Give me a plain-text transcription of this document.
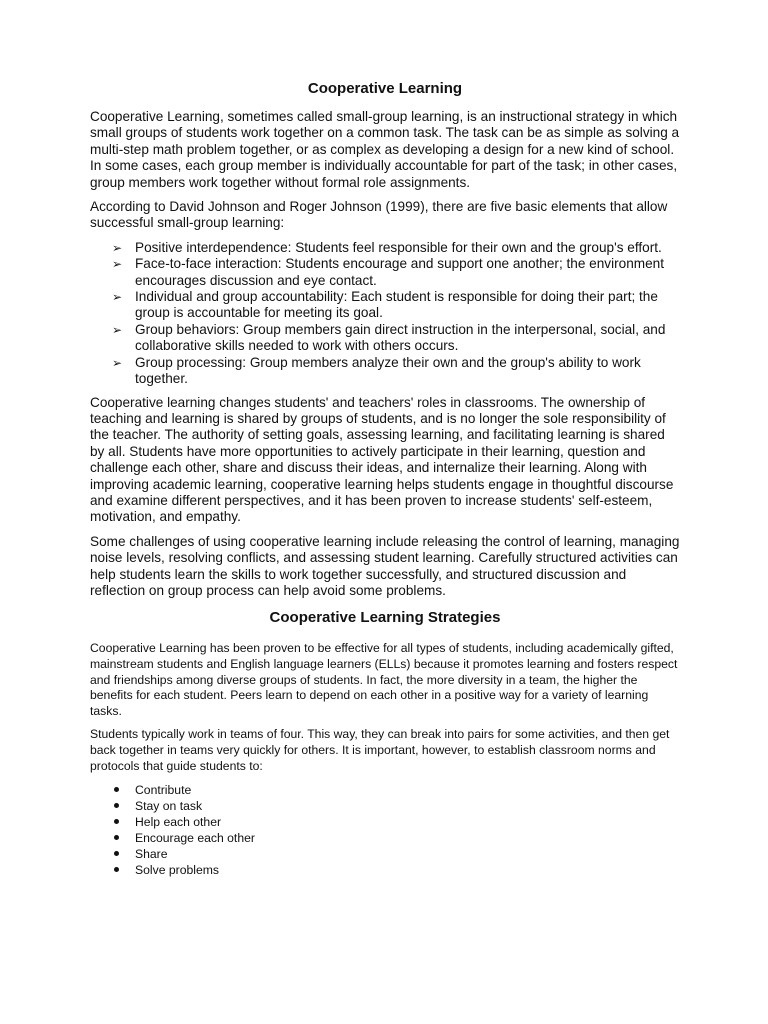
Cooperative Learning

Cooperative Learning, sometimes called small-group learning, is an instructional strategy in which small groups of students work together on a common task. The task can be as simple as solving a multi-step math problem together, or as complex as developing a design for a new kind of school. In some cases, each group member is individually accountable for part of the task; in other cases, group members work together without formal role assignments.

According to David Johnson and Roger Johnson (1999), there are five basic elements that allow successful small-group learning:

➢ Positive interdependence: Students feel responsible for their own and the group's effort.
➢ Face-to-face interaction: Students encourage and support one another; the environment encourages discussion and eye contact.
➢ Individual and group accountability: Each student is responsible for doing their part; the group is accountable for meeting its goal.
➢ Group behaviors: Group members gain direct instruction in the interpersonal, social, and collaborative skills needed to work with others occurs.
➢ Group processing: Group members analyze their own and the group's ability to work together.

Cooperative learning changes students' and teachers' roles in classrooms. The ownership of teaching and learning is shared by groups of students, and is no longer the sole responsibility of the teacher. The authority of setting goals, assessing learning, and facilitating learning is shared by all. Students have more opportunities to actively participate in their learning, question and challenge each other, share and discuss their ideas, and internalize their learning. Along with improving academic learning, cooperative learning helps students engage in thoughtful discourse and examine different perspectives, and it has been proven to increase students' self-esteem, motivation, and empathy.

Some challenges of using cooperative learning include releasing the control of learning, managing noise levels, resolving conflicts, and assessing student learning. Carefully structured activities can help students learn the skills to work together successfully, and structured discussion and reflection on group process can help avoid some problems.

Cooperative Learning Strategies

Cooperative Learning has been proven to be effective for all types of students, including academically gifted, mainstream students and English language learners (ELLs) because it promotes learning and fosters respect and friendships among diverse groups of students. In fact, the more diversity in a team, the higher the benefits for each student. Peers learn to depend on each other in a positive way for a variety of learning tasks.

Students typically work in teams of four. This way, they can break into pairs for some activities, and then get back together in teams very quickly for others. It is important, however, to establish classroom norms and protocols that guide students to:

Contribute
Stay on task
Help each other
Encourage each other
Share
Solve problems
